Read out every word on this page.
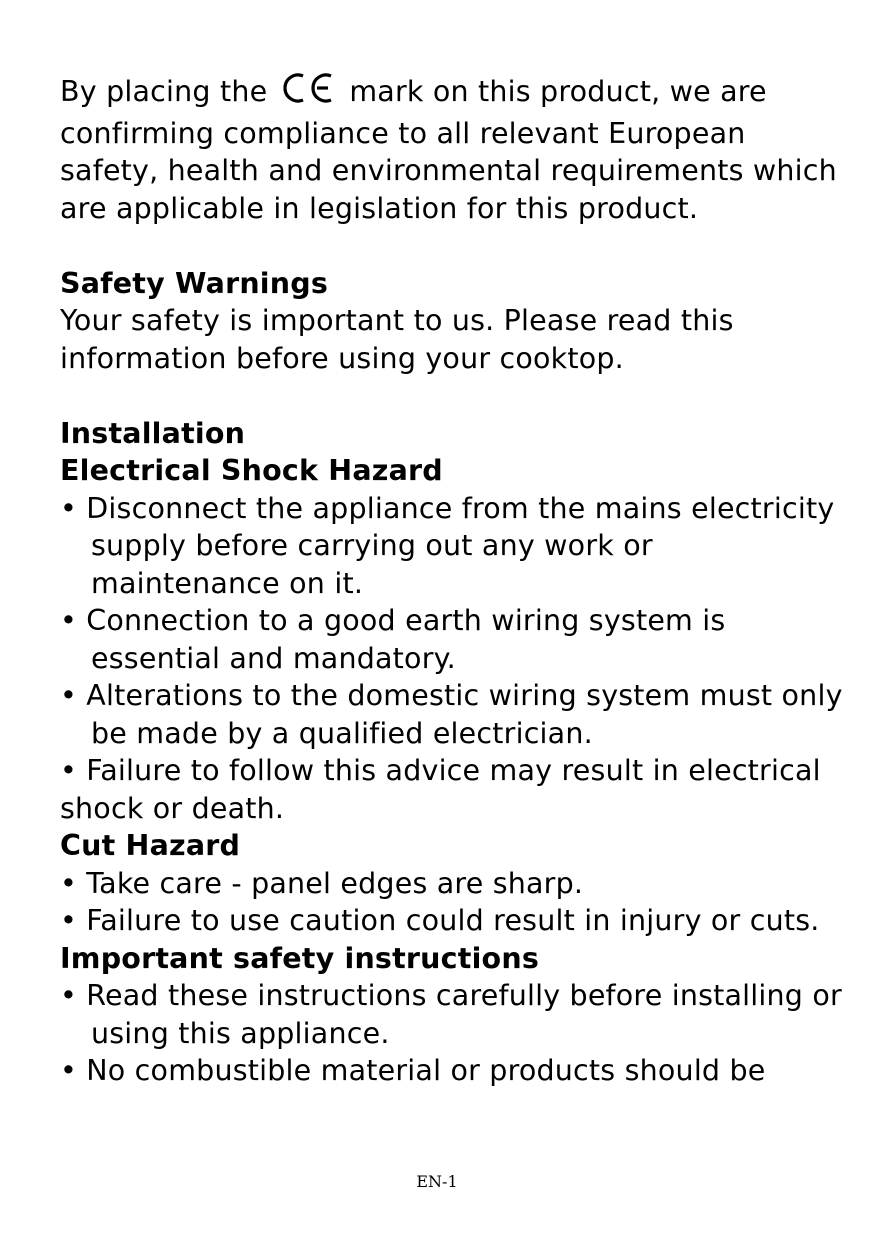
By placing the	mark on this product, we are confirming compliance to all relevant European safety, health and environmental requirements which are applicable in legislation for this product.

Safety Warnings

Your safety is important to us. Please read this information before using your cooktop.

Installation

Electrical Shock Hazard

• Disconnect the appliance from the mains electricity supply before carrying out any work or maintenance on it.

• Connection to a good earth wiring system is essential and mandatory.

• Alterations to the domestic wiring system must only be made by a qualified electrician.

• Failure to follow this advice may result in electrical shock or death.

Cut Hazard

• Take care - panel edges are sharp.

• Failure to use caution could result in injury or cuts.

Important safety instructions

• Read these instructions carefully before installing or using this appliance.

• No combustible material or products should be

EN-1
